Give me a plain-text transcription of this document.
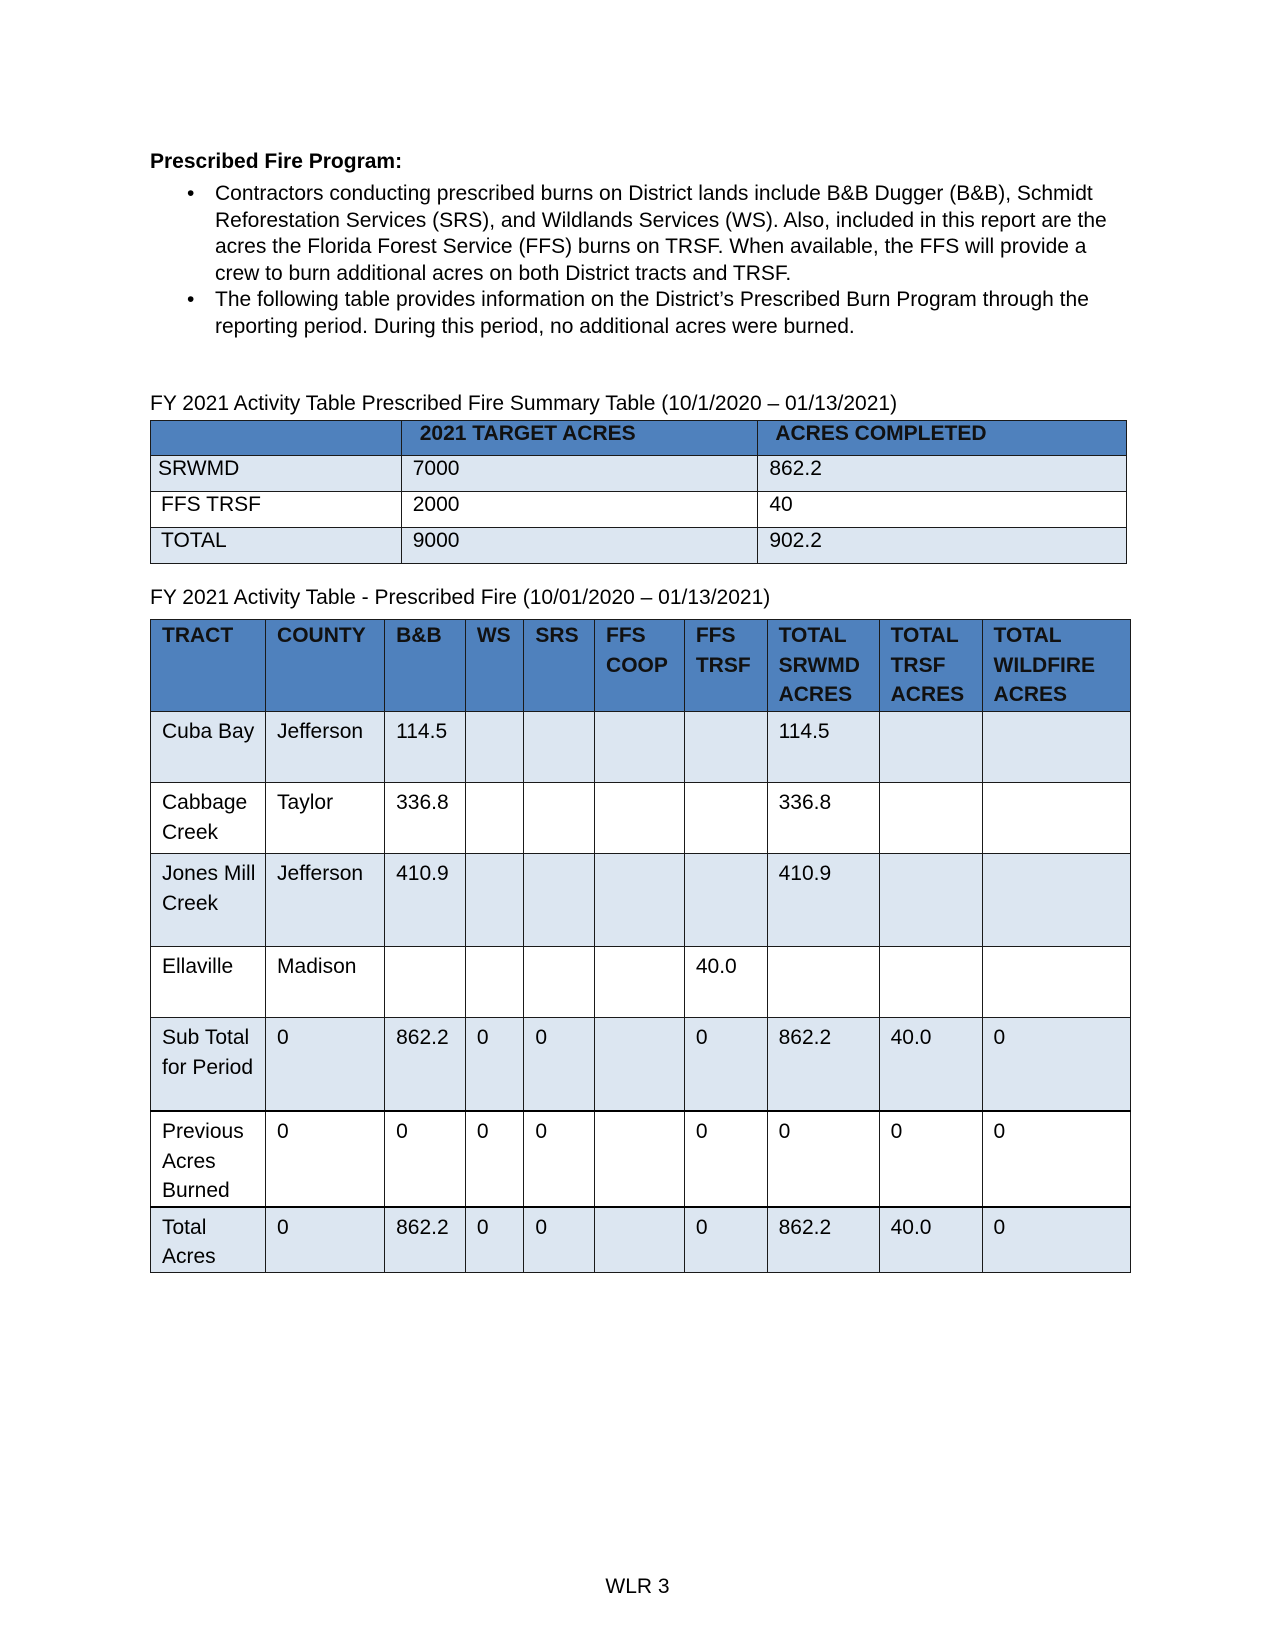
Prescribed Fire Program:
• Contractors conducting prescribed burns on District lands include B&B Dugger (B&B), Schmidt Reforestation Services (SRS), and Wildlands Services (WS). Also, included in this report are the acres the Florida Forest Service (FFS) burns on TRSF. When available, the FFS will provide a crew to burn additional acres on both District tracts and TRSF.
• The following table provides information on the District’s Prescribed Burn Program through the reporting period. During this period, no additional acres were burned.
FY 2021 Activity Table Prescribed Fire Summary Table (10/1/2020 – 01/13/2021)
	2021 TARGET ACRES	ACRES COMPLETED
SRWMD	7000	862.2
FFS TRSF	2000	40
TOTAL	9000	902.2
FY 2021 Activity Table - Prescribed Fire (10/01/2020 – 01/13/2021)
TRACT	COUNTY	B&B	WS	SRS	FFS COOP	FFS TRSF	TOTAL SRWMD ACRES	TOTAL TRSF ACRES	TOTAL WILDFIRE ACRES
Cuba Bay	Jefferson	114.5					114.5		
Cabbage Creek	Taylor	336.8					336.8		
Jones Mill Creek	Jefferson	410.9					410.9		
Ellaville	Madison					40.0			
Sub Total for Period	0	862.2	0	0		0	862.2	40.0	0
Previous Acres Burned	0	0	0	0		0	0	0	0
Total Acres	0	862.2	0	0		0	862.2	40.0	0
WLR 3
